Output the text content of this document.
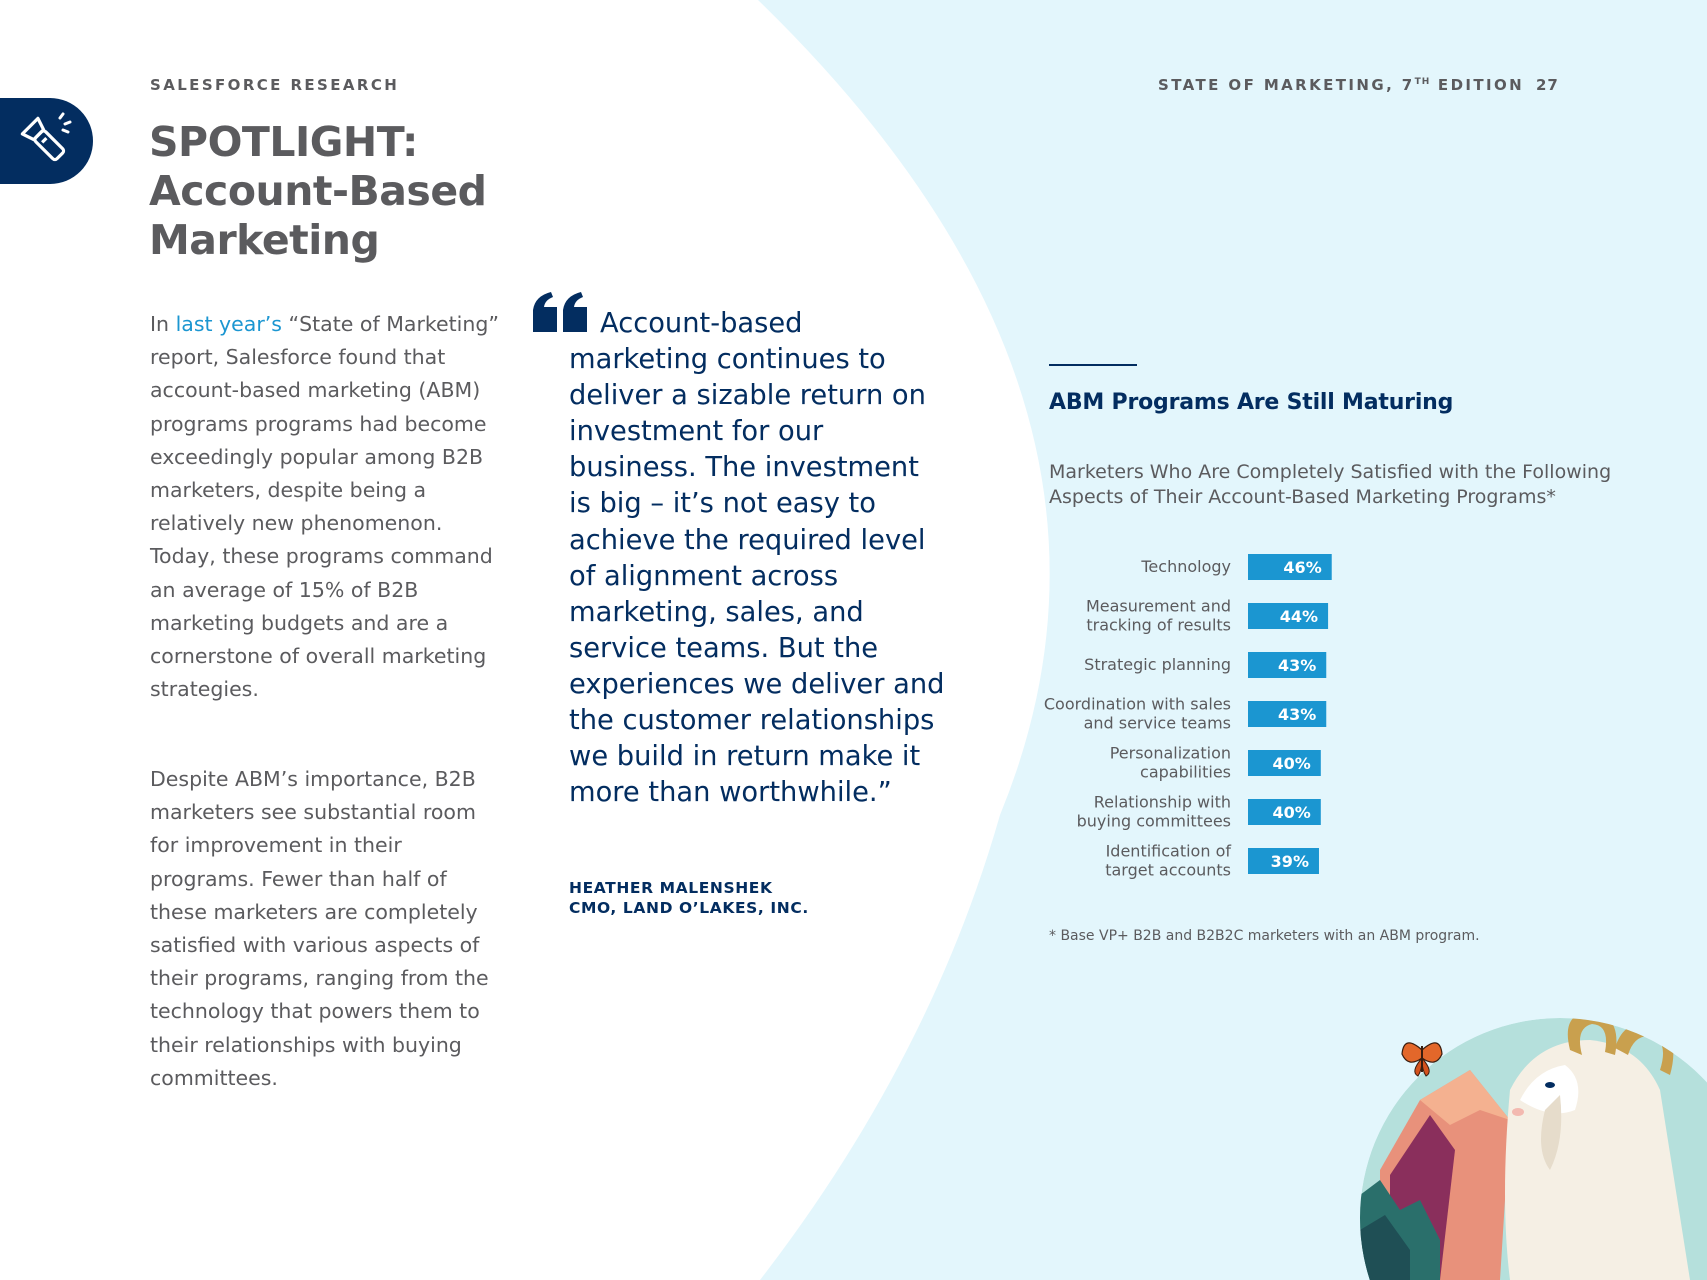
SALESFORCE RESEARCH	STATE OF MARKETING, 7TH EDITION 27
SPOTLIGHT:
Account-Based
Marketing

In last year’s “State of Marketing” report, Salesforce found that account-based marketing (ABM) programs programs had become exceedingly popular among B2B marketers, despite being a relatively new phenomenon. Today, these programs command an average of 15% of B2B marketing budgets and are a cornerstone of overall marketing strategies.

Despite ABM’s importance, B2B marketers see substantial room for improvement in their programs. Fewer than half of these marketers are completely satisfied with various aspects of their programs, ranging from the technology that powers them to their relationships with buying committees.

Account-based marketing continues to deliver a sizable return on investment for our business. The investment is big – it’s not easy to achieve the required level of alignment across marketing, sales, and service teams. But the experiences we deliver and the customer relationships we build in return make it more than worthwhile.”

HEATHER MALENSHEK
CMO, LAND O’LAKES, INC.
ABM Programs Are Still Maturing

Marketers Who Are Completely Satisfied with the Following Aspects of Their Account-Based Marketing Programs*

Technology	46%
Measurement and
tracking of results	44%
Strategic planning	43%
Coordination with sales
and service teams	43%
Personalization
capabilities	40%
Relationship with
buying committees	40%
Identification of
target accounts 39%
* Base VP+ B2B and B2B2C marketers with an ABM program.
